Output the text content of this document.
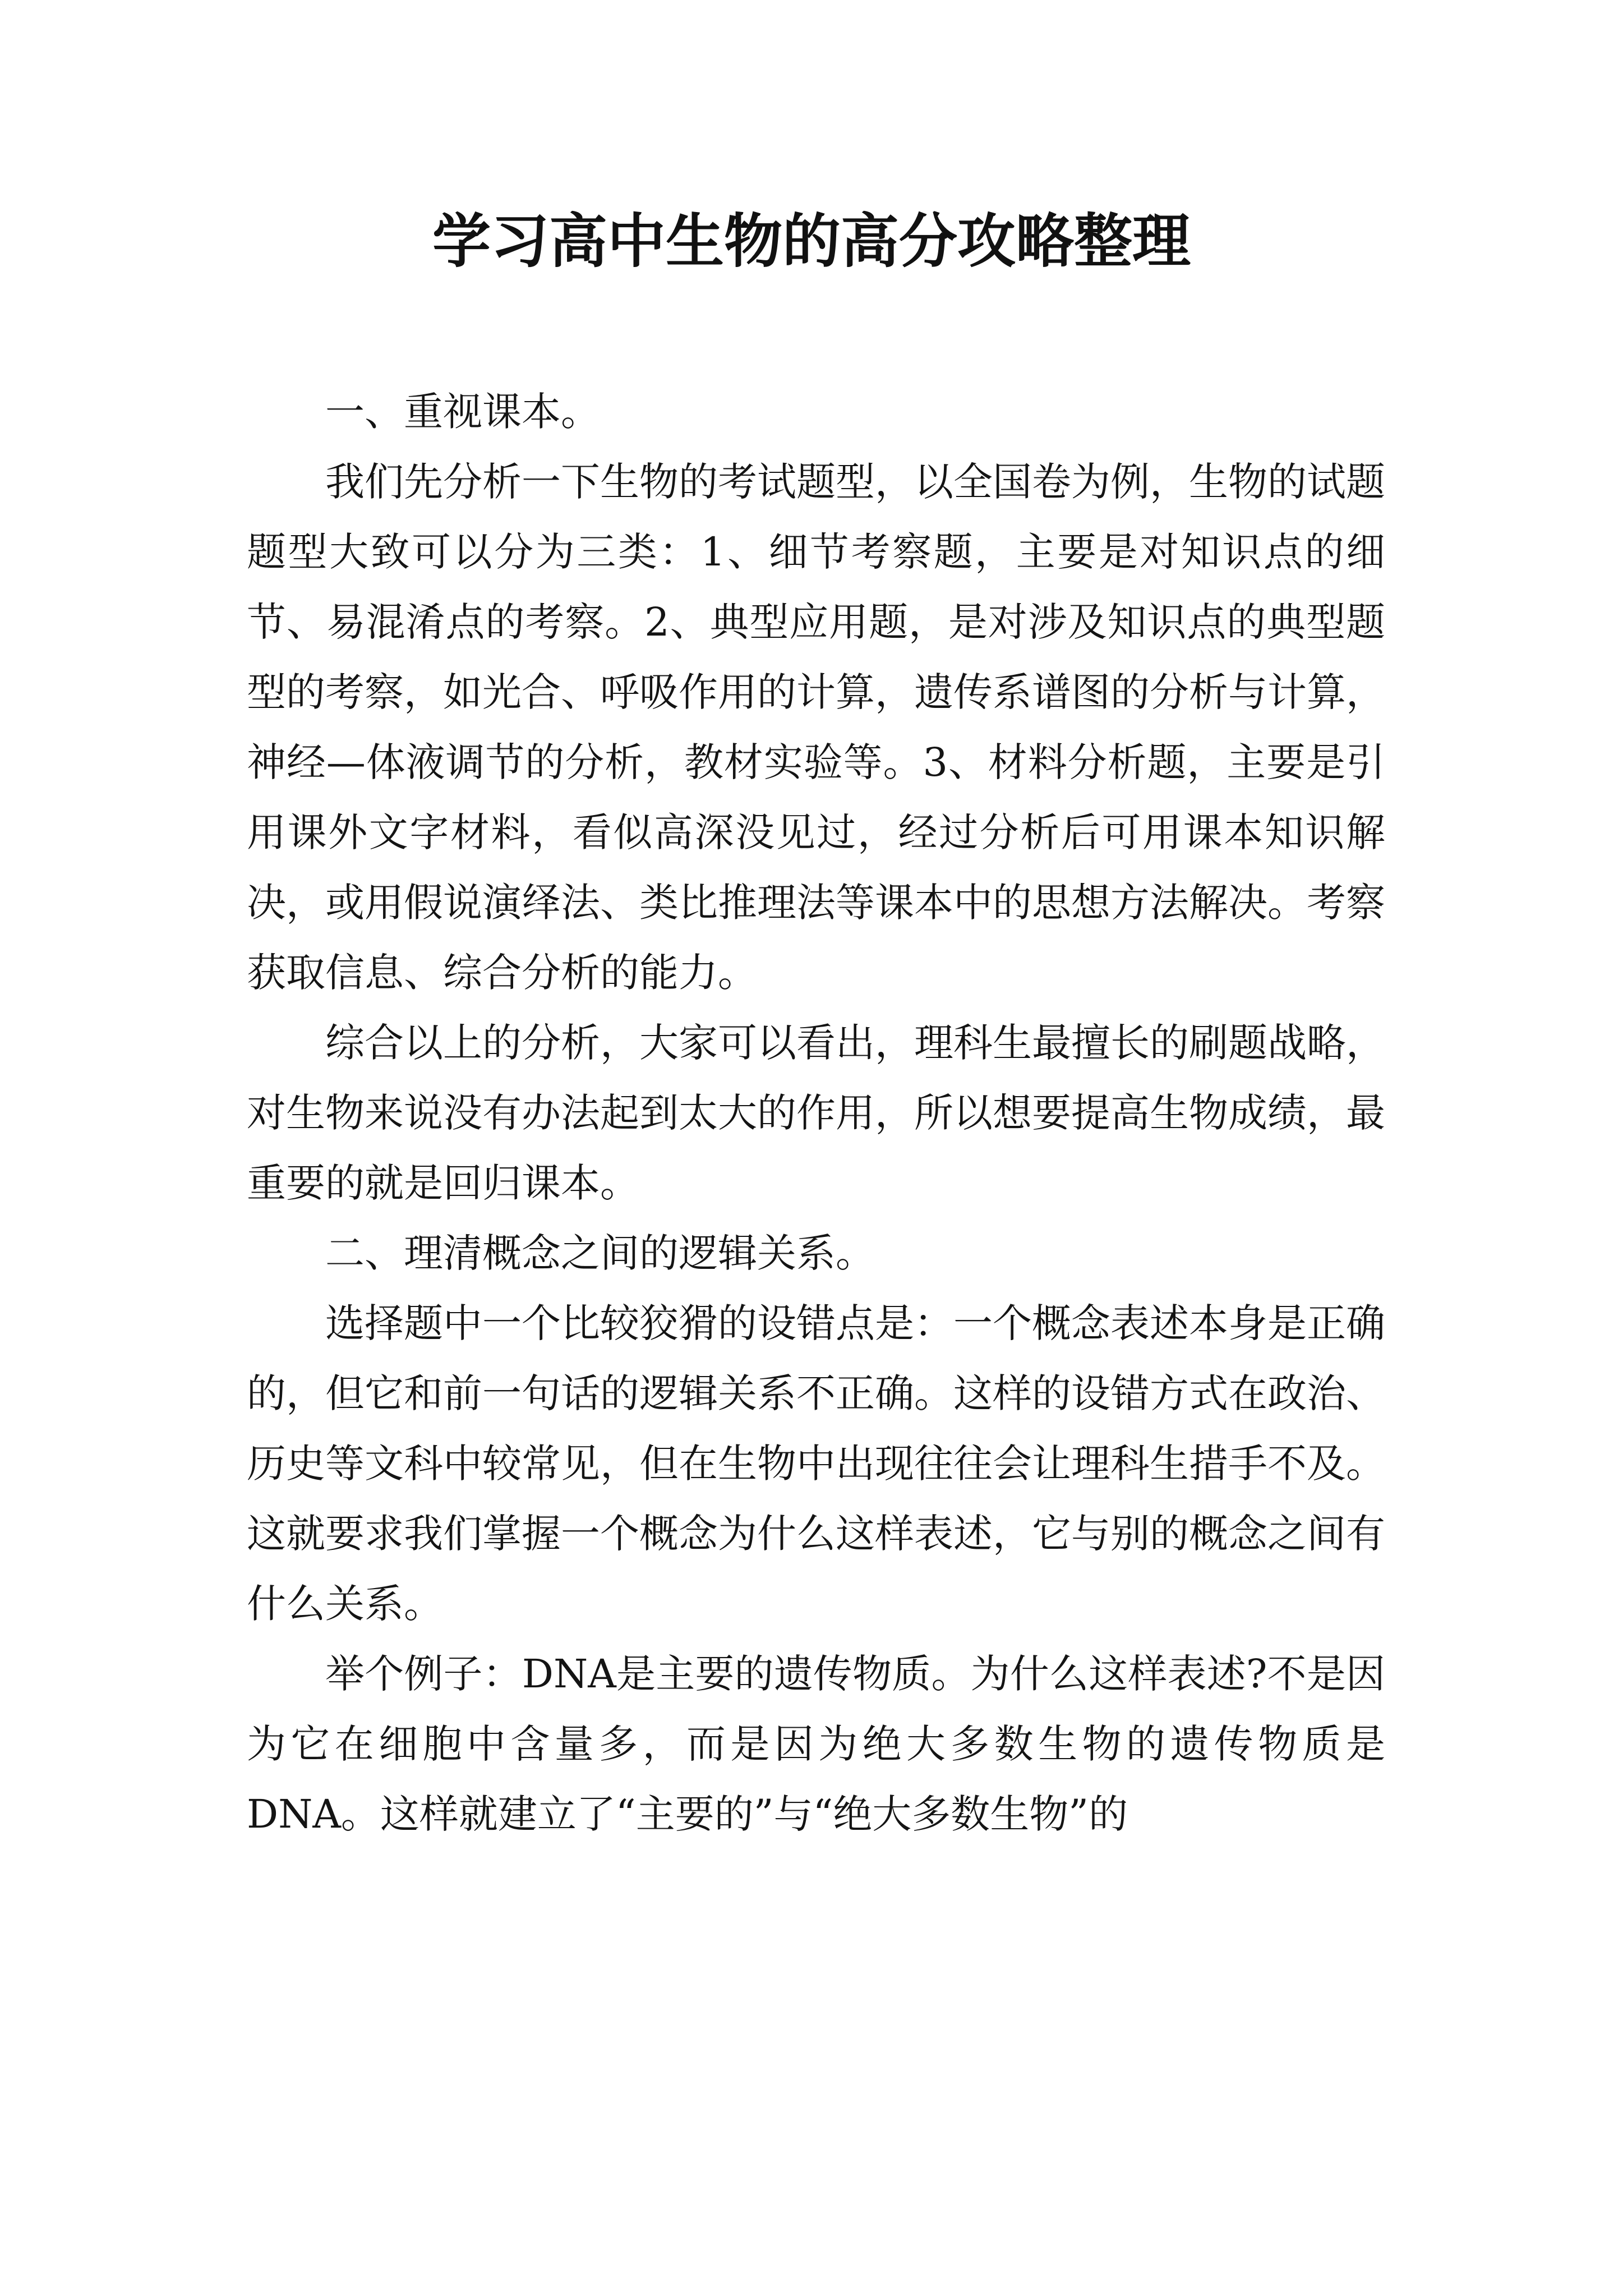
学习高中生物的高分攻略整理

一、重视课本。

我们先分析一下生物的考试题型，以全国卷为例，生物的试题题型大致可以分为三类：1、细节考察题，主要是对知识点的细节、易混淆点的考察。2、典型应用题，是对涉及知识点的典型题型的考察，如光合、呼吸作用的计算，遗传系谱图的分析与计算，神经—体液调节的分析，教材实验等。3、材料分析题，主要是引用课外文字材料，看似高深没见过，经过分析后可用课本知识解决，或用假说演绎法、类比推理法等课本中的思想方法解决。考察获取信息、综合分析的能力。

综合以上的分析，大家可以看出，理科生最擅长的刷题战略，对生物来说没有办法起到太大的作用，所以想要提高生物成绩，最重要的就是回归课本。

二、理清概念之间的逻辑关系。

选择题中一个比较狡猾的设错点是：一个概念表述本身是正确的，但它和前一句话的逻辑关系不正确。这样的设错方式在政治、历史等文科中较常见，但在生物中出现往往会让理科生措手不及。这就要求我们掌握一个概念为什么这样表述，它与别的概念之间有什么关系。

举个例子：DNA是主要的遗传物质。为什么这样表述?不是因为它在细胞中含量多，而是因为绝大多数生物的遗传物质是DNA。这样就建立了“主要的”与“绝大多数生物”的
